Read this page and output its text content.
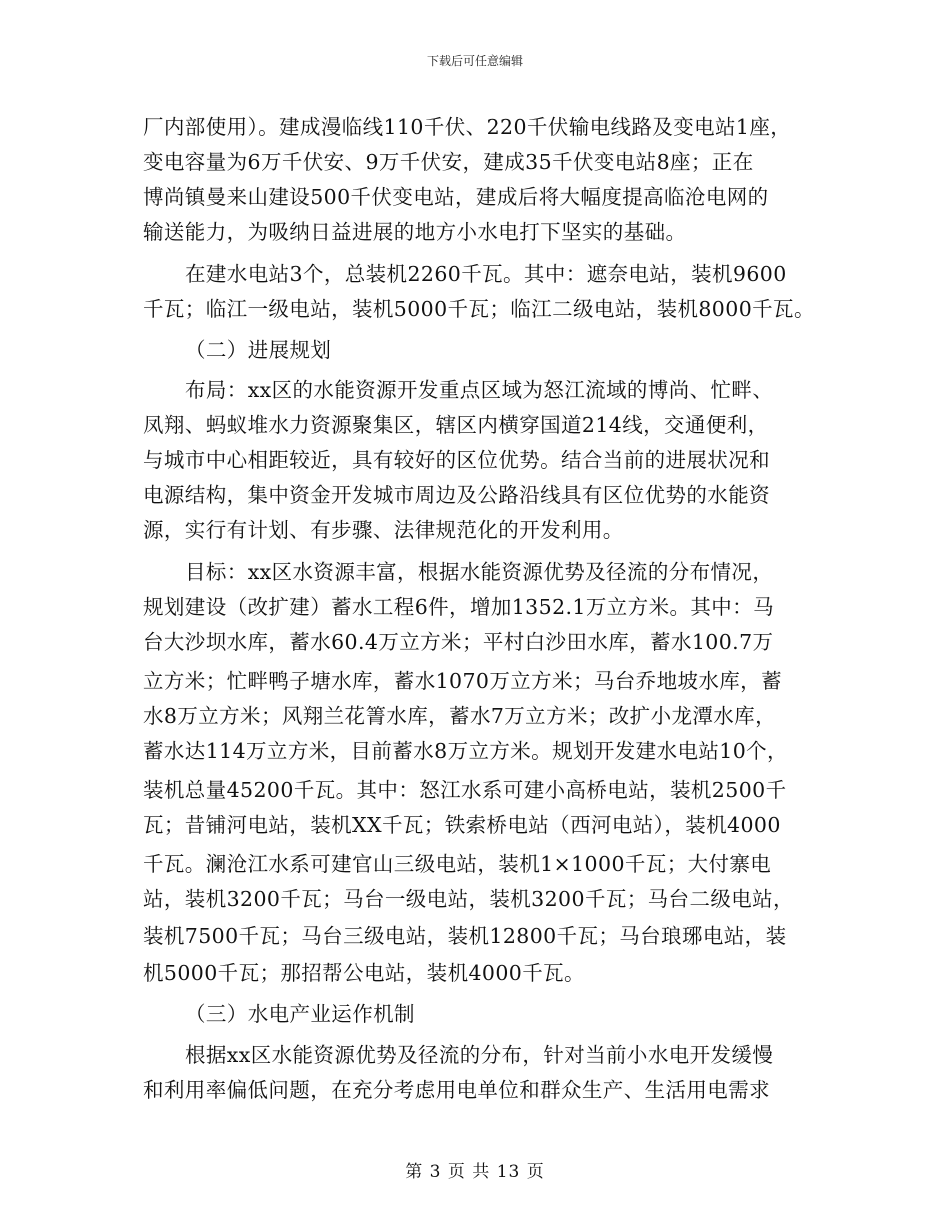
下载后可任意编辑
厂内部使用）。建成漫临线110千伏、220千伏输电线路及变电站1座，
变电容量为6万千伏安、9万千伏安，建成35千伏变电站8座；正在
博尚镇曼来山建设500千伏变电站，建成后将大幅度提高临沧电网的
输送能力，为吸纳日益进展的地方小水电打下坚实的基础。
在建水电站3个，总装机2260千瓦。其中：遮奈电站，装机9600
千瓦；临江一级电站，装机5000千瓦；临江二级电站，装机8000千瓦。
（二）进展规划
布局：xx区的水能资源开发重点区域为怒江流域的博尚、忙畔、
凤翔、蚂蚁堆水力资源聚集区，辖区内横穿国道214线，交通便利，
与城市中心相距较近，具有较好的区位优势。结合当前的进展状况和
电源结构，集中资金开发城市周边及公路沿线具有区位优势的水能资
源，实行有计划、有步骤、法律规范化的开发利用。
目标：xx区水资源丰富，根据水能资源优势及径流的分布情况，
规划建设（改扩建）蓄水工程6件，增加1352.1万立方米。其中：马
台大沙坝水库，蓄水60.4万立方米；平村白沙田水库，蓄水100.7万
立方米；忙畔鸭子塘水库，蓄水1070万立方米；马台乔地坡水库，蓄
水8万立方米；风翔兰花箐水库，蓄水7万立方米；改扩小龙潭水库，
蓄水达114万立方米，目前蓄水8万立方米。规划开发建水电站10个，
装机总量45200千瓦。其中：怒江水系可建小高桥电站，装机2500千
瓦；昔铺河电站，装机XX千瓦；铁索桥电站（西河电站），装机4000
千瓦。澜沧江水系可建官山三级电站，装机1×1000千瓦；大付寨电
站，装机3200千瓦；马台一级电站，装机3200千瓦；马台二级电站，
装机7500千瓦；马台三级电站，装机12800千瓦；马台琅琊电站，装
机5000千瓦；那招帮公电站，装机4000千瓦。
（三）水电产业运作机制
根据xx区水能资源优势及径流的分布，针对当前小水电开发缓慢
和利用率偏低问题，在充分考虑用电单位和群众生产、生活用电需求
第 3 页 共 13 页
